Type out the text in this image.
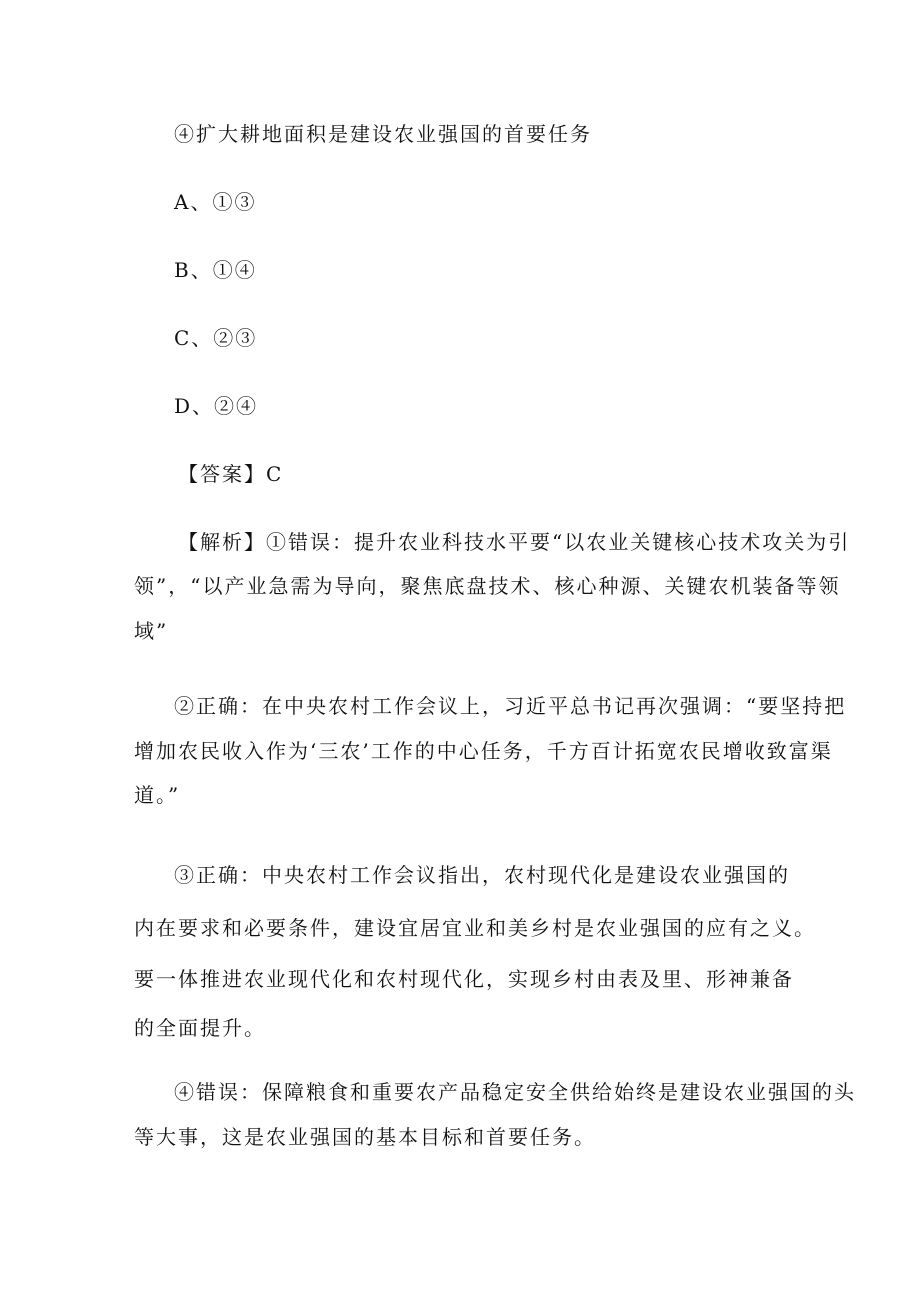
④扩大耕地面积是建设农业强国的首要任务
A、①③
B、①④
C、②③
D、②④
【答案】C
【解析】①错误：提升农业科技水平要“以农业关键核心技术攻关为引
领”，“以产业急需为导向，聚焦底盘技术、核心种源、关键农机装备等领
域”
②正确：在中央农村工作会议上，习近平总书记再次强调：“要坚持把
增加农民收入作为‘三农’工作的中心任务，千方百计拓宽农民增收致富渠
道。”
③正确：中央农村工作会议指出，农村现代化是建设农业强国的
内在要求和必要条件，建设宜居宜业和美乡村是农业强国的应有之义。
要一体推进农业现代化和农村现代化，实现乡村由表及里、形神兼备
的全面提升。
④错误：保障粮食和重要农产品稳定安全供给始终是建设农业强国的头
等大事，这是农业强国的基本目标和首要任务。
